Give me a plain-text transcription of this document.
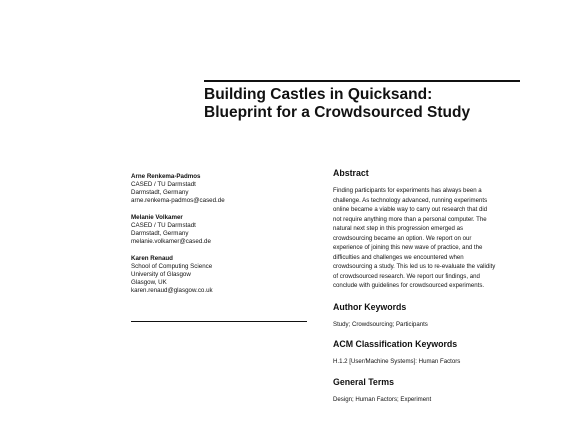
Building Castles in Quicksand:
Blueprint for a Crowdsourced Study
Arne Renkema-Padmos
CASED / TU Darmstadt
Darmstadt, Germany
arne.renkema-padmos@cased.de
Melanie Volkamer
CASED / TU Darmstadt
Darmstadt, Germany
melanie.volkamer@cased.de
Karen Renaud
School of Computing Science
University of Glasgow
Glasgow, UK
karen.renaud@glasgow.co.uk
Abstract

Finding participants for experiments has always been a
challenge. As technology advanced, running experiments
online became a viable way to carry out research that did
not require anything more than a personal computer. The
natural next step in this progression emerged as
crowdsourcing became an option. We report on our
experience of joining this new wave of practice, and the
difficulties and challenges we encountered when
crowdsourcing a study. This led us to re-evaluate the validity
of crowdsourced research. We report our findings, and
conclude with guidelines for crowdsourced experiments.

Author Keywords

Study; Crowdsourcing; Participants

ACM Classification Keywords

H.1.2 [User/Machine Systems]: Human Factors

General Terms

Design; Human Factors; Experiment
